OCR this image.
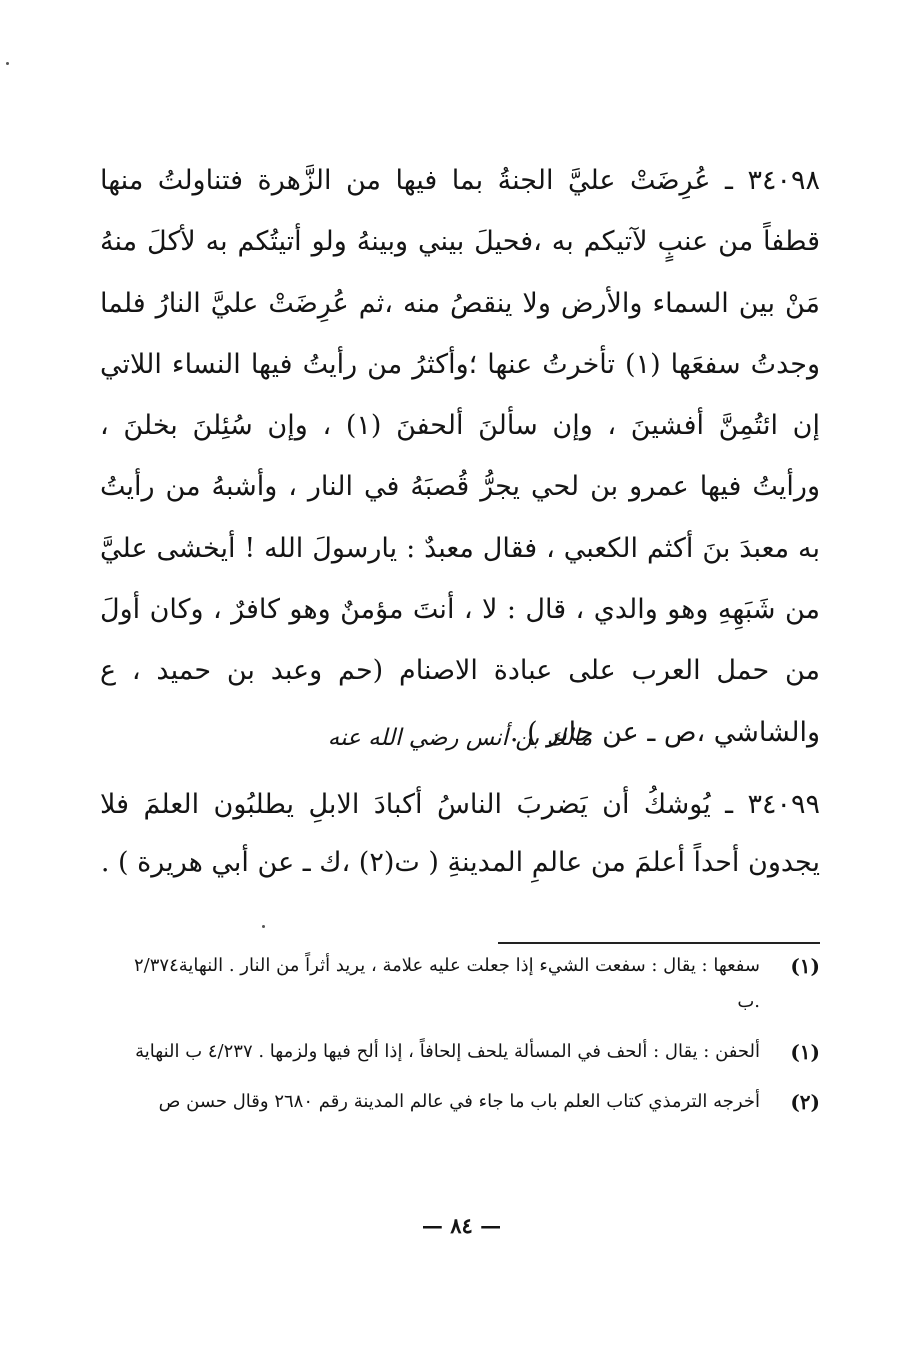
٣٤٠٩٨ ـ عُرِضَتْ عليَّ الجنةُ بما فيها من الزَّهرة فتناولتُ منها قطفاً من عنبٍ لآتيكم به ،فحيلَ بيني وبينهُ ولو أتيتُكم به لأكلَ منهُ مَنْ بين السماء والأرض ولا ينقصُ منه ،ثم عُرِضَتْ عليَّ النارُ فلما وجدتُ سفعَها (١) تأخرتُ عنها ؛وأكثرُ من رأيتُ فيها النساء اللاتي إن ائتُمِنَّ أفشينَ ، وإن سألنَ ألحفنَ (١) ، وإن سُئِلنَ بخلنَ ، ورأيتُ فيها عمرو بن لحي يجرُّ قُصبَهُ في النار ، وأشبهُ من رأيتُ به معبدَ بنَ أكثم الكعبي ، فقال معبدٌ : يارسولَ الله ! أيخشى عليَّ من شَبَهِهِ وهو والدي ، قال : لا ، أنتَ مؤمنٌ وهو كافرٌ ، وكان أولَ من حمل العرب على عبادة الاصنام (حم وعبد بن حميد ، ع والشاشي ،ص ـ عن جابر ) .

مالك بن أنس رضي الله عنه

٣٤٠٩٩ ـ يُوشكُ أن يَضربَ الناسُ أكبادَ الابلِ يطلبُون العلمَ فلا يجدون أحداً أعلمَ من عالمِ المدينةِ ( ت(٢) ،ك ـ عن أبي هريرة ) .

(١)
سفعها : يقال : سفعت الشيء إذا جعلت عليه علامة ، يريد أثراً من النار . النهاية٢/٣٧٤ .ب
(١)
ألحفن : يقال : ألحف في المسألة يلحف إلحافاً ، إذا ألح فيها ولزمها . ٤/٢٣٧ ب النهاية
(٢)
أخرجه الترمذي كتاب العلم باب ما جاء في عالم المدينة رقم ٢٦٨٠ وقال حسن ص
— ٨٤ —
